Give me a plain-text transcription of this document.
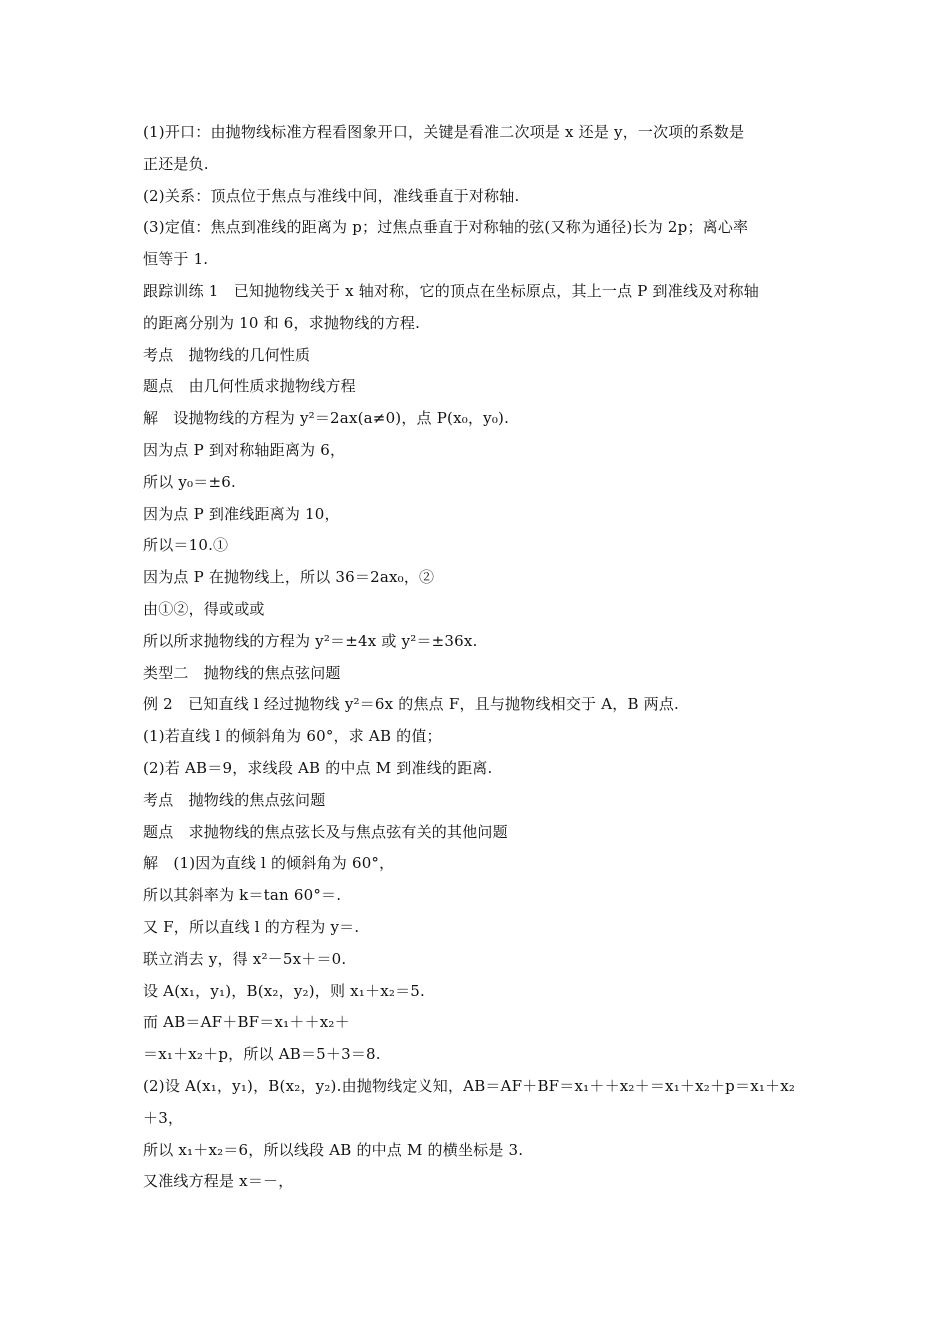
(1)开口：由抛物线标准方程看图象开口，关键是看准二次项是 x 还是 y，一次项的系数是
正还是负.
(2)关系：顶点位于焦点与准线中间，准线垂直于对称轴.
(3)定值：焦点到准线的距离为 p；过焦点垂直于对称轴的弦(又称为通径)长为 2p；离心率
恒等于 1.
跟踪训练 1　已知抛物线关于 x 轴对称，它的顶点在坐标原点，其上一点 P 到准线及对称轴
的距离分别为 10 和 6，求抛物线的方程.
考点　抛物线的几何性质
题点　由几何性质求抛物线方程
解　设抛物线的方程为 y²＝2ax(a≠0)，点 P(x₀，y₀).
因为点 P 到对称轴距离为 6，
所以 y₀＝±6.
因为点 P 到准线距离为 10，
所以＝10.①
因为点 P 在抛物线上，所以 36＝2ax₀，②
由①②，得或或或
所以所求抛物线的方程为 y²＝±4x 或 y²＝±36x.
类型二　抛物线的焦点弦问题
例 2　已知直线 l 经过抛物线 y²＝6x 的焦点 F，且与抛物线相交于 A，B 两点.
(1)若直线 l 的倾斜角为 60°，求 AB 的值；
(2)若 AB＝9，求线段 AB 的中点 M 到准线的距离.
考点　抛物线的焦点弦问题
题点　求抛物线的焦点弦长及与焦点弦有关的其他问题
解　(1)因为直线 l 的倾斜角为 60°，
所以其斜率为 k＝tan 60°＝.
又 F，所以直线 l 的方程为 y＝.
联立消去 y，得 x²－5x＋＝0.
设 A(x₁，y₁)，B(x₂，y₂)，则 x₁＋x₂＝5.
而 AB＝AF＋BF＝x₁＋＋x₂＋
＝x₁＋x₂＋p，所以 AB＝5＋3＝8.
(2)设 A(x₁，y₁)，B(x₂，y₂).由抛物线定义知，AB＝AF＋BF＝x₁＋＋x₂＋＝x₁＋x₂＋p＝x₁＋x₂
＋3，
所以 x₁＋x₂＝6，所以线段 AB 的中点 M 的横坐标是 3.
又准线方程是 x＝－，
